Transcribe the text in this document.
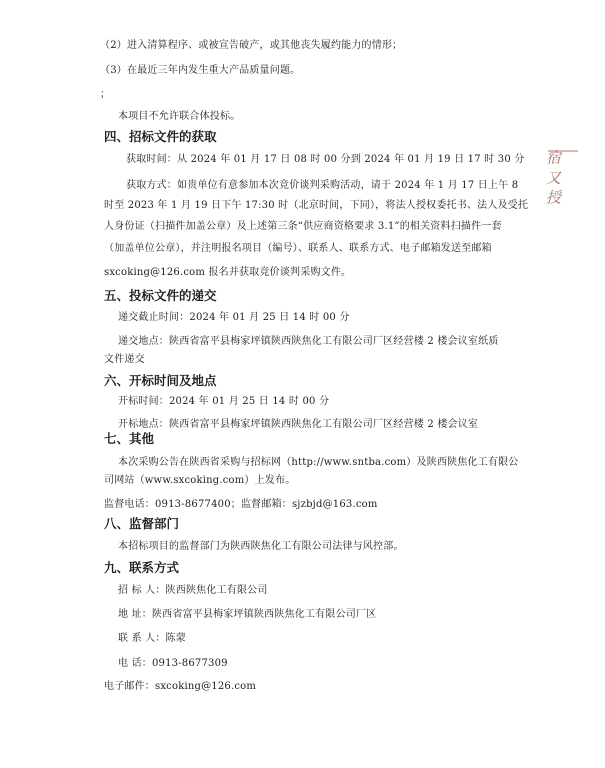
（2）进入清算程序、或被宣告破产，或其他丧失履约能力的情形；
（3）在最近三年内发生重大产品质量问题。
；
本项目不允许联合体投标。
四、招标文件的获取
获取时间：从 2024 年 01 月 17 日 08 时 00 分到 2024 年 01 月 19 日 17 时 30 分
获取方式：如贵单位有意参加本次竞价谈判采购活动，请于 2024 年 1 月 17 日上午 8
时至 2023 年 1 月 19 日下午 17:30 时（北京时间，下同），将法人授权委托书、法人及受托
人身份证（扫描件加盖公章）及上述第三条“供应商资格要求 3.1”的相关资料扫描件一套
（加盖单位公章），并注明报名项目（编号）、联系人、联系方式、电子邮箱发送至邮箱
sxcoking@126.com 报名并获取竞价谈判采购文件。
五、投标文件的递交
递交截止时间：2024 年 01 月 25 日 14 时 00 分
递交地点：陕西省富平县梅家坪镇陕西陕焦化工有限公司厂区经营楼 2 楼会议室纸质
文件递交
六、开标时间及地点
开标时间：2024 年 01 月 25 日 14 时 00 分
开标地点：陕西省富平县梅家坪镇陕西陕焦化工有限公司厂区经营楼 2 楼会议室
七、其他
本次采购公告在陕西省采购与招标网（http://www.sntba.com）及陕西陕焦化工有限公
司网站（www.sxcoking.com）上发布。
监督电话：0913-8677400；监督邮箱：sjzbjd@163.com
八、监督部门
本招标项目的监督部门为陕西陕焦化工有限公司法律与风控部。
九、联系方式
招 标 人：陕西陕焦化工有限公司
地 址：陕西省富平县梅家坪镇陕西陕焦化工有限公司厂区
联 系 人：陈蒙
电 话：0913-8677309
电子邮件：sxcoking@126.com
宿 又 授
